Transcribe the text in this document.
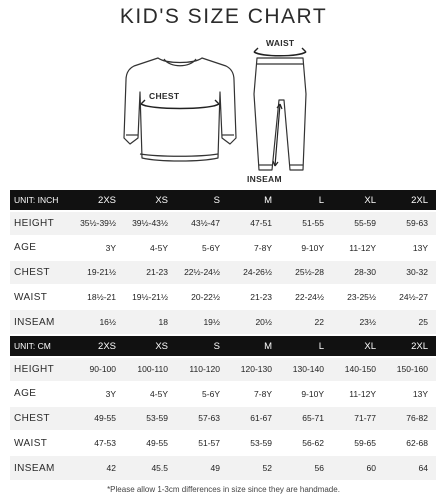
KID'S SIZE CHART
CHEST
WAIST
INSEAM
UNIT: INCH	2XS	XS	S	M	L	XL	2XL
HEIGHT	35½-39½	39½-43½	43½-47	47-51	51-55	55-59	59-63
AGE	3Y	4-5Y	5-6Y	7-8Y	9-10Y	11-12Y	13Y
CHEST	19-21½	21-23	22½-24½	24-26½	25½-28	28-30	30-32
WAIST	18½-21	19½-21½	20-22½	21-23	22-24½	23-25½	24½-27
INSEAM	16½	18	19½	20½	22	23½	25
UNIT: CM	2XS	XS	S	M	L	XL	2XL
HEIGHT	90-100	100-110	110-120	120-130	130-140	140-150	150-160
AGE	3Y	4-5Y	5-6Y	7-8Y	9-10Y	11-12Y	13Y
CHEST	49-55	53-59	57-63	61-67	65-71	71-77	76-82
WAIST	47-53	49-55	51-57	53-59	56-62	59-65	62-68
INSEAM	42	45.5	49	52	56	60	64
*Please allow 1-3cm differences in size since they are handmade.
